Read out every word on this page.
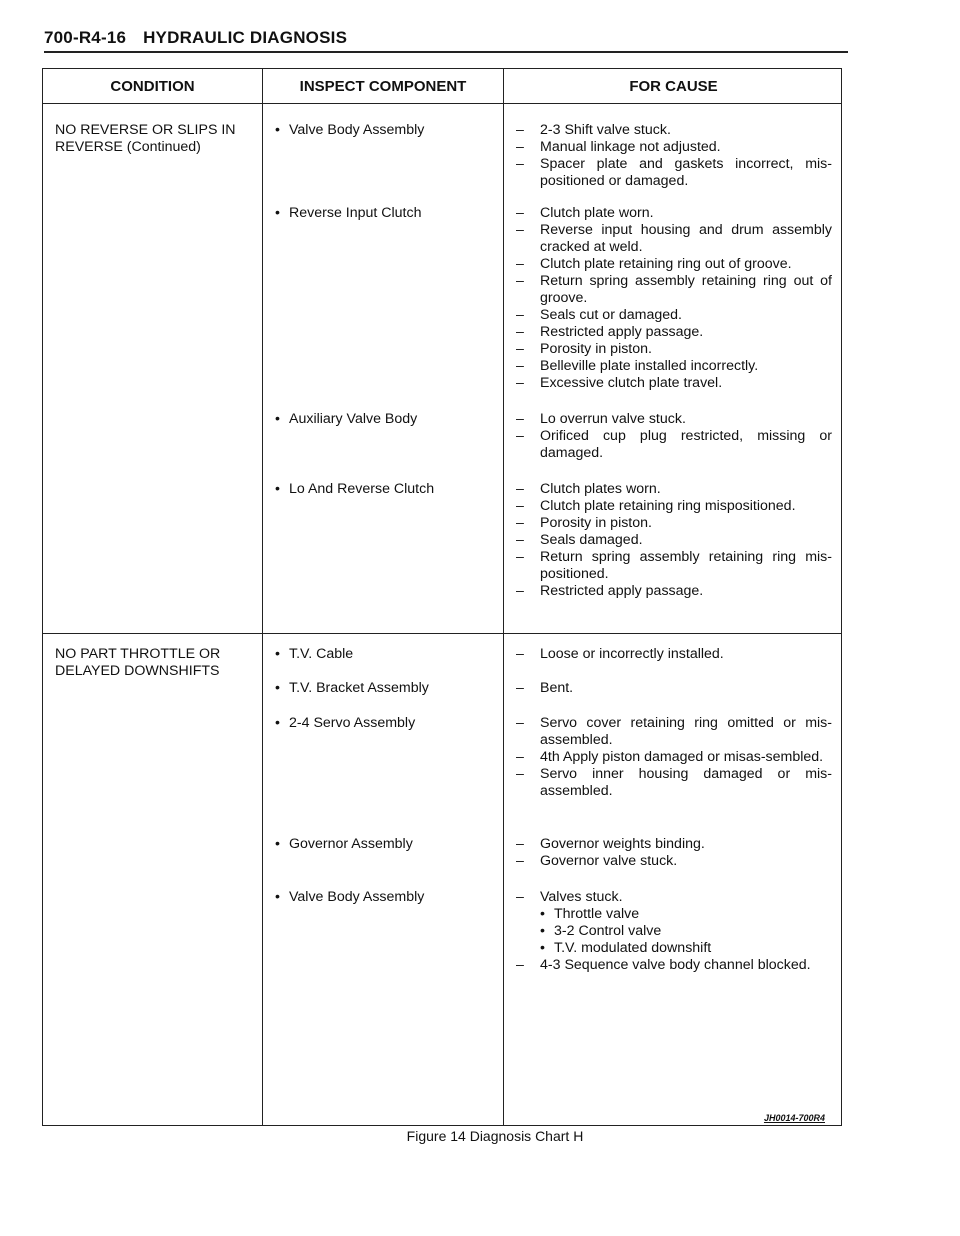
700-R4-16 HYDRAULIC DIAGNOSIS
CONDITION	INSPECT COMPONENT	FOR CAUSE
NO REVERSE OR SLIPS IN REVERSE (Continued)
• Valve Body Assembly	– 2-3 Shift valve stuck.
– Manual linkage not adjusted.
– Spacer plate and gaskets incorrect, mis-positioned or damaged.
• Reverse Input Clutch	– Clutch plate worn.
– Reverse input housing and drum assembly cracked at weld.
– Clutch plate retaining ring out of groove.
– Return spring assembly retaining ring out of groove.
– Seals cut or damaged.
– Restricted apply passage.
– Porosity in piston.
– Belleville plate installed incorrectly.
– Excessive clutch plate travel.
• Auxiliary Valve Body	– Lo overrun valve stuck.
– Orificed cup plug restricted, missing or damaged.
• Lo And Reverse Clutch	– Clutch plates worn.
– Clutch plate retaining ring mispositioned.
– Porosity in piston.
– Seals damaged.
– Return spring assembly retaining ring mis-positioned.
– Restricted apply passage.
NO PART THROTTLE OR DELAYED DOWNSHIFTS
• T.V. Cable	– Loose or incorrectly installed.
• T.V. Bracket Assembly	– Bent.
• 2-4 Servo Assembly	– Servo cover retaining ring omitted or mis-assembled.
– 4th Apply piston damaged or misas-sembled.
– Servo inner housing damaged or mis-assembled.
• Governor Assembly	– Governor weights binding.
– Governor valve stuck.
• Valve Body Assembly	– Valves stuck.
• Throttle valve
• 3-2 Control valve
• T.V. modulated downshift
– 4-3 Sequence valve body channel blocked.
JH0014-700R4
Figure 14 Diagnosis Chart H
